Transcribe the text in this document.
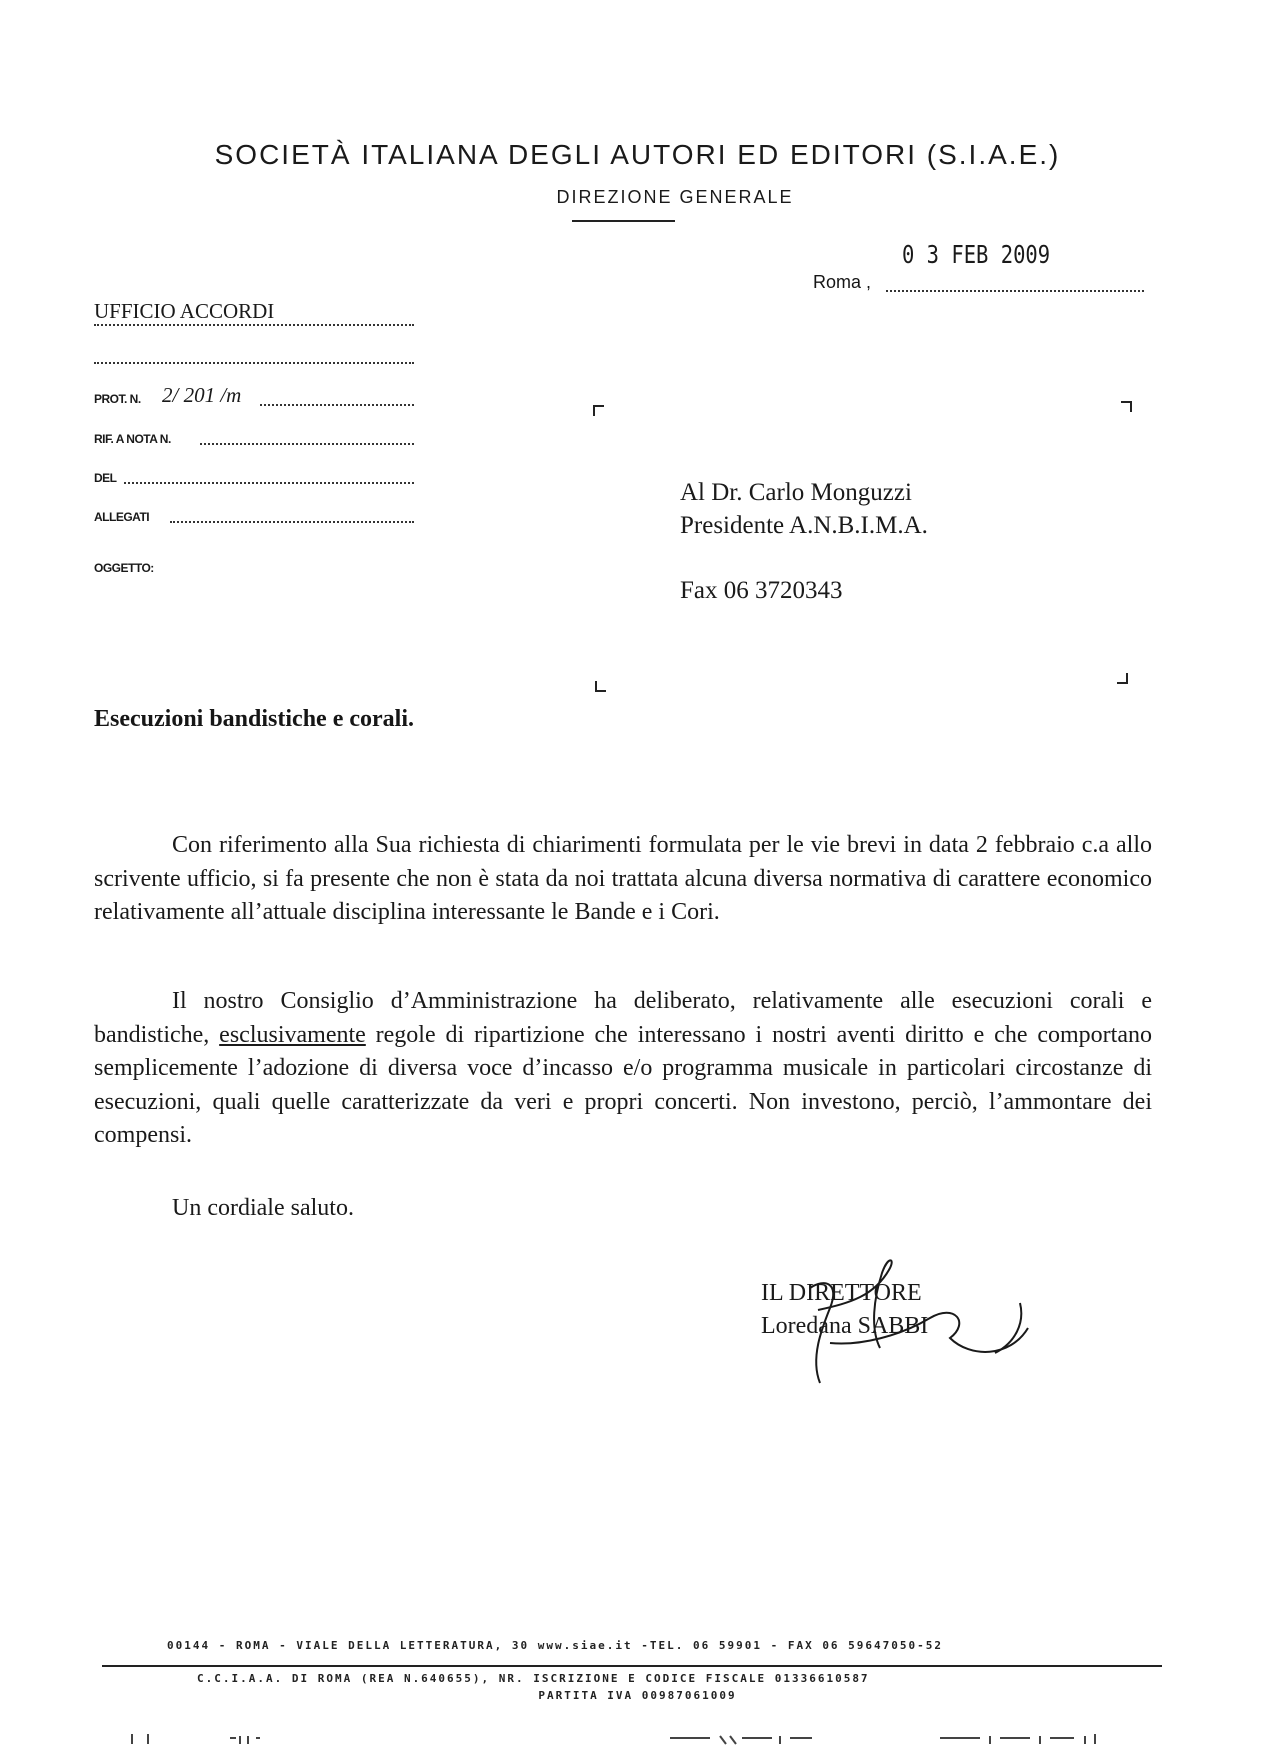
SOCIETÀ ITALIANA DEGLI AUTORI ED EDITORI (S.I.A.E.)
DIREZIONE GENERALE
0 3 FEB 2009
Roma ,
UFFICIO ACCORDI
PROT. N. 2/ 201 /m
RIF. A NOTA N.
DEL
ALLEGATI
OGGETTO:
Al Dr. Carlo Monguzzi
Presidente A.N.B.I.M.A.
Fax 06 3720343
Esecuzioni bandistiche e corali.

Con riferimento alla Sua richiesta di chiarimenti formulata per le vie brevi in data 2 febbraio c.a allo scrivente ufficio, si fa presente che non è stata da noi trattata alcuna diversa normativa di carattere economico relativamente all’attuale disciplina interessante le Bande e i Cori.

Il nostro Consiglio d’Amministrazione ha deliberato, relativamente alle esecuzioni corali e bandistiche, esclusivamente regole di ripartizione che interessano i nostri aventi diritto e che comportano semplicemente l’adozione di diversa voce d’incasso e/o programma musicale in particolari circostanze di esecuzioni, quali quelle caratterizzate da veri e propri concerti. Non investono, perciò, l’ammontare dei compensi.

Un cordiale saluto.
IL DIRETTORE
Loredana SABBI
00144 - ROMA - VIALE DELLA LETTERATURA, 30 www.siae.it -TEL. 06 59901 - FAX 06 59647050-52
C.C.I.A.A. DI ROMA (REA N.640655), NR. ISCRIZIONE E CODICE FISCALE 01336610587
PARTITA IVA 00987061009
